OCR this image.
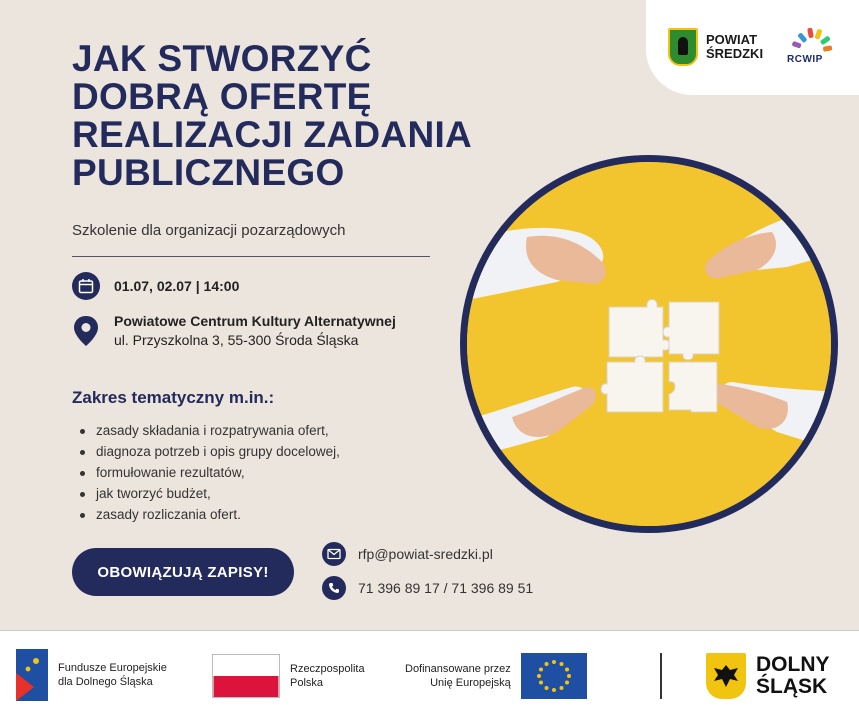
POWIAT
ŚREDZKI RCWIP
JAK STWORZYĆ
DOBRĄ OFERTĘ
REALIZACJI ZADANIA
PUBLICZNEGO
Szkolenie dla organizacji pozarządowych
01.07, 02.07 | 14:00
Powiatowe Centrum Kultury Alternatywnej
ul. Przyszkolna 3, 55-300 Środa Śląska
Zakres tematyczny m.in.:
zasady składania i rozpatrywania ofert,
diagnoza potrzeb i opis grupy docelowej,
formułowanie rezultatów,
jak tworzyć budżet,
zasady rozliczania ofert.
OBOWIĄZUJĄ ZAPISY!
rfp@powiat-sredzki.pl
71 396 89 17 / 71 396 89 51
Fundusze Europejskie
dla Dolnego Śląska
Rzeczpospolita
Polska
Dofinansowane przez
Unię Europejską
DOLNY
ŚLĄSK
